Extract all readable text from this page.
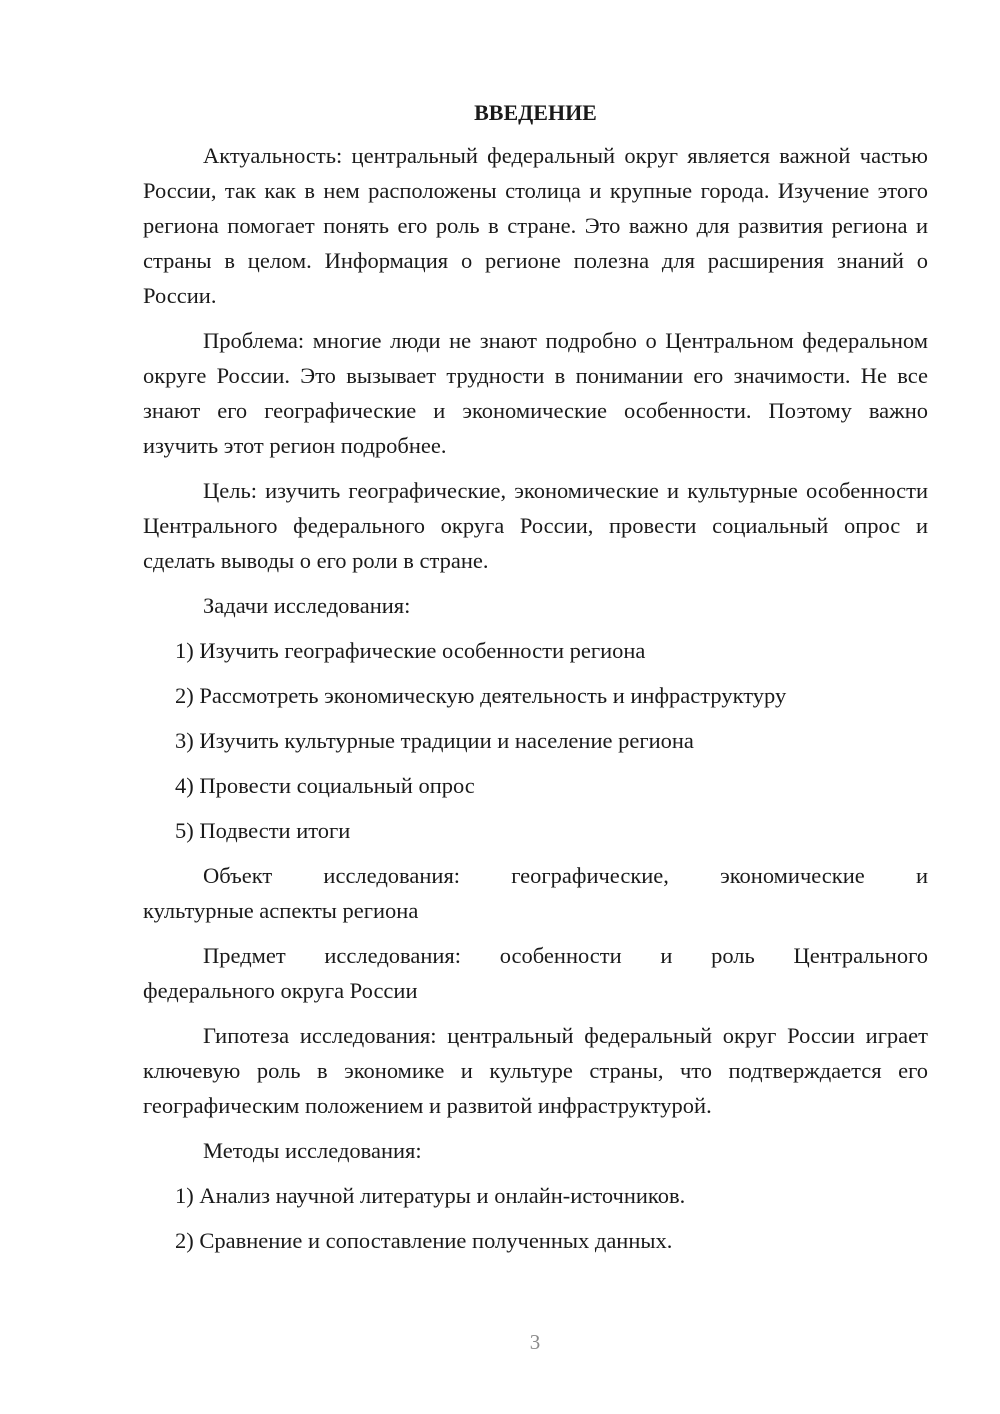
ВВЕДЕНИЕ

Актуальность: центральный федеральный округ является важной частью России, так как в нем расположены столица и крупные города. Изучение этого региона помогает понять его роль в стране. Это важно для развития региона и страны в целом. Информация о регионе полезна для расширения знаний о России.

Проблема: многие люди не знают подробно о Центральном федеральном округе России. Это вызывает трудности в понимании его значимости. Не все знают его географические и экономические особенности. Поэтому важно изучить этот регион подробнее.

Цель: изучить географические, экономические и культурные особенности Центрального федерального округа России, провести социальный опрос и сделать выводы о его роли в стране.

Задачи исследования:
1) Изучить географические особенности региона
2) Рассмотреть экономическую деятельность и инфраструктуру
3) Изучить культурные традиции и население региона
4) Провести социальный опрос
5) Подвести итоги
Объект исследования: географические, экономические и
культурные аспекты региона
Предмет исследования: особенности и роль Центрального
федерального округа России

Гипотеза исследования: центральный федеральный округ России играет ключевую роль в экономике и культуре страны, что подтверждается его географическим положением и развитой инфраструктурой.

Методы исследования:
1) Анализ научной литературы и онлайн-источников.
2) Сравнение и сопоставление полученных данных.
3
